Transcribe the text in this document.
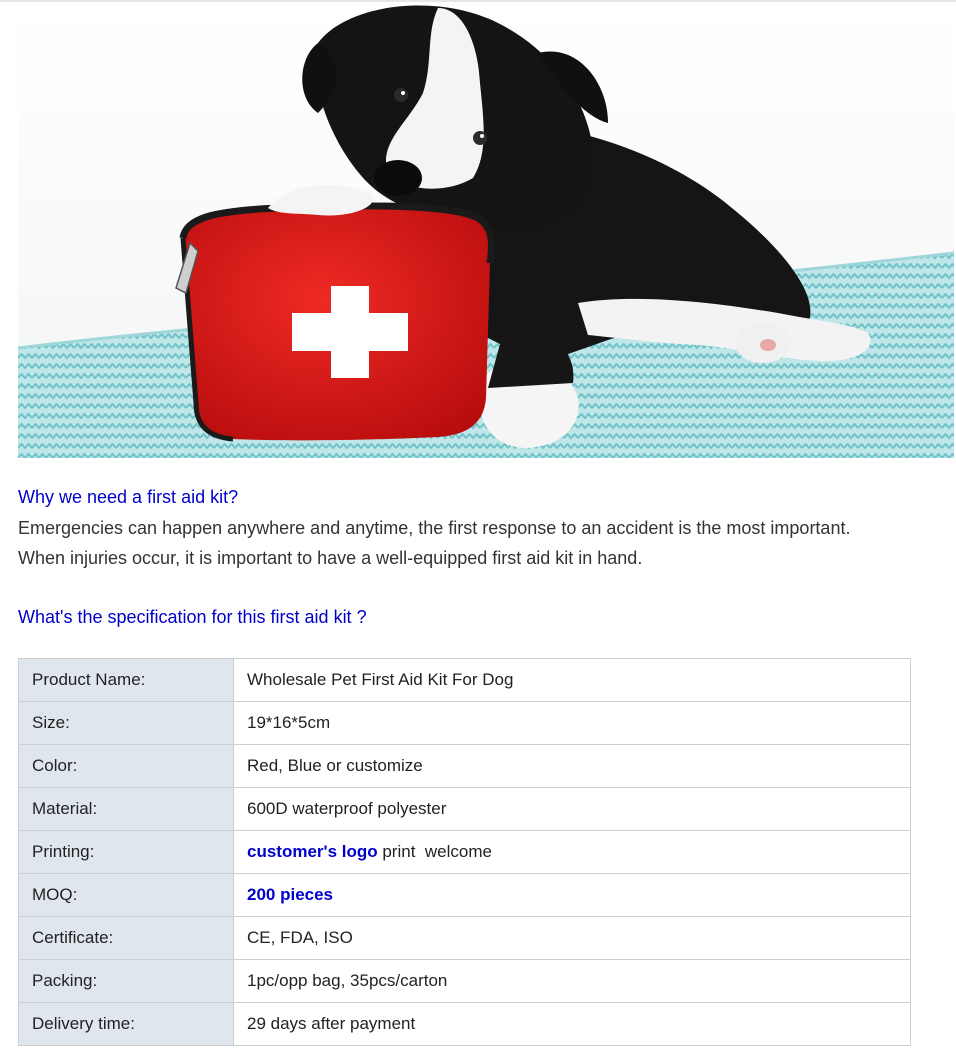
Why we need a first aid kit?

Emergencies can happen anywhere and anytime, the first response to an accident is the most important.

When injuries occur, it is important to have a well-equipped first aid kit in hand.

What's the specification for this first aid kit ?
Product Name:	Wholesale Pet First Aid Kit For Dog
Size:	19*16*5cm
Color:	Red, Blue or customize
Material:	600D waterproof polyester
Printing:	customer's logo print  welcome
MOQ:	200 pieces
Certificate:	CE, FDA, ISO
Packing:	1pc/opp bag, 35pcs/carton
Delivery time:	29 days after payment
